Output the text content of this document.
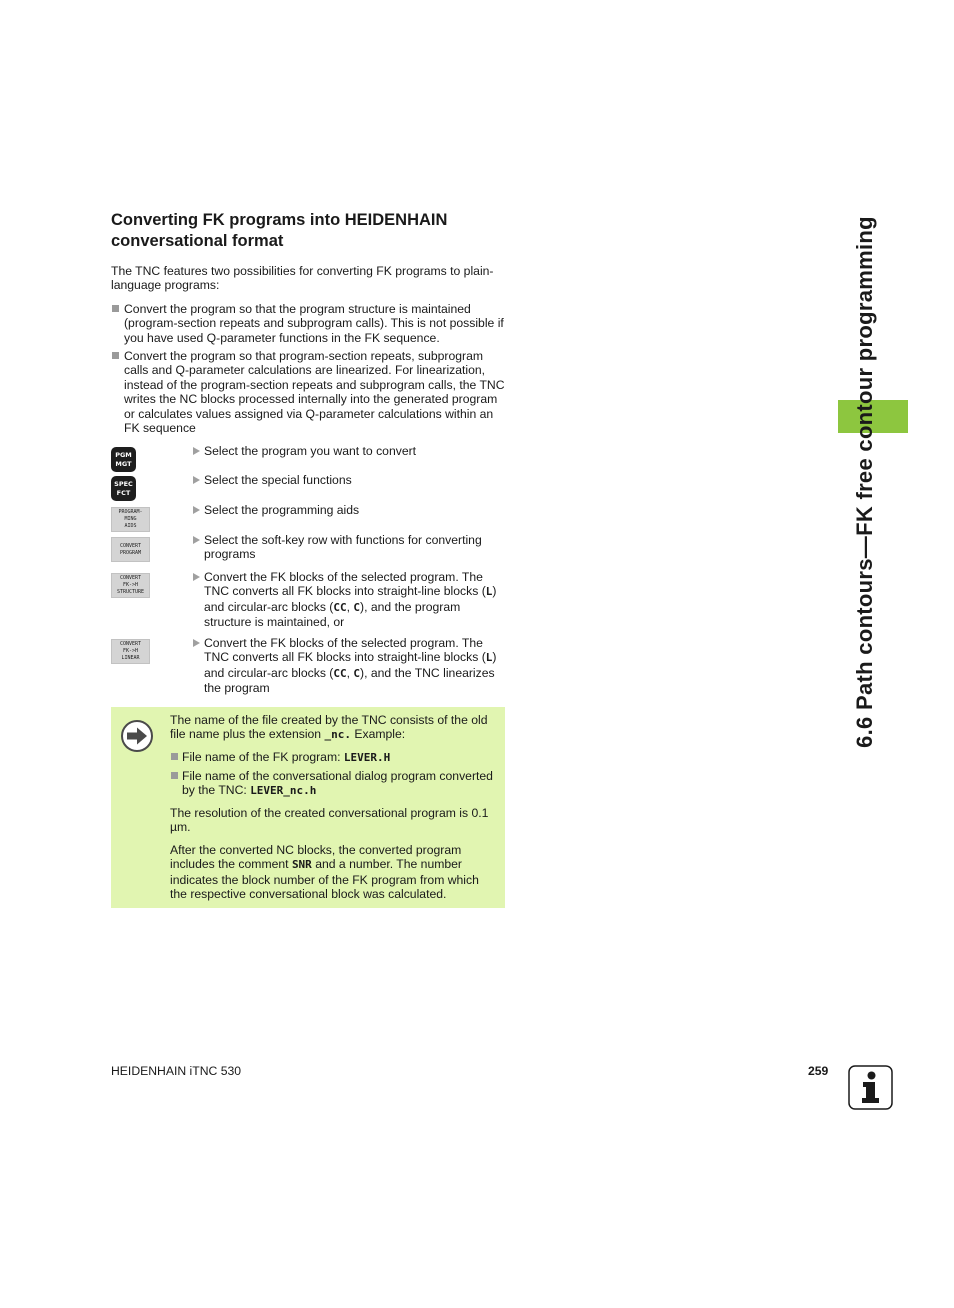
Converting FK programs into HEIDENHAIN
conversational format

The TNC features two possibilities for converting FK programs to plain-language programs:

Convert the program so that the program structure is maintained (program-section repeats and subprogram calls). This is not possible if you have used Q-parameter functions in the FK sequence.
Convert the program so that program-section repeats, subprogram calls and Q-parameter calculations are linearized. For linearization, instead of the program-section repeats and subprogram calls, the TNC writes the NC blocks processed internally into the generated program or calculates values assigned via Q-parameter calculations within an FK sequence
PGM
MGT
Select the program you want to convert
SPEC
FCT
Select the special functions
PROGRAM-
MING
AIDS
Select the programming aids
CONVERT
PROGRAM
Select the soft-key row with functions for converting programs
CONVERT
FK->H
STRUCTURE
Convert the FK blocks of the selected program. The TNC converts all FK blocks into straight-line blocks (L) and circular-arc blocks (CC, C), and the program structure is maintained, or
CONVERT
FK->H
LINEAR
Convert the FK blocks of the selected program. The TNC converts all FK blocks into straight-line blocks (L) and circular-arc blocks (CC, C), and the TNC linearizes the program

The name of the file created by the TNC consists of the old file name plus the extension _nc. Example:

File name of the FK program: LEVER.H
File name of the conversational dialog program converted by the TNC: LEVER_nc.h

The resolution of the created conversational program is 0.1 µm.

After the converted NC blocks, the converted program includes the comment SNR and a number. The number indicates the block number of the FK program from which the respective conversational block was calculated.

6.6 Path contours—FK free contour programming
HEIDENHAIN iTNC 530	259
